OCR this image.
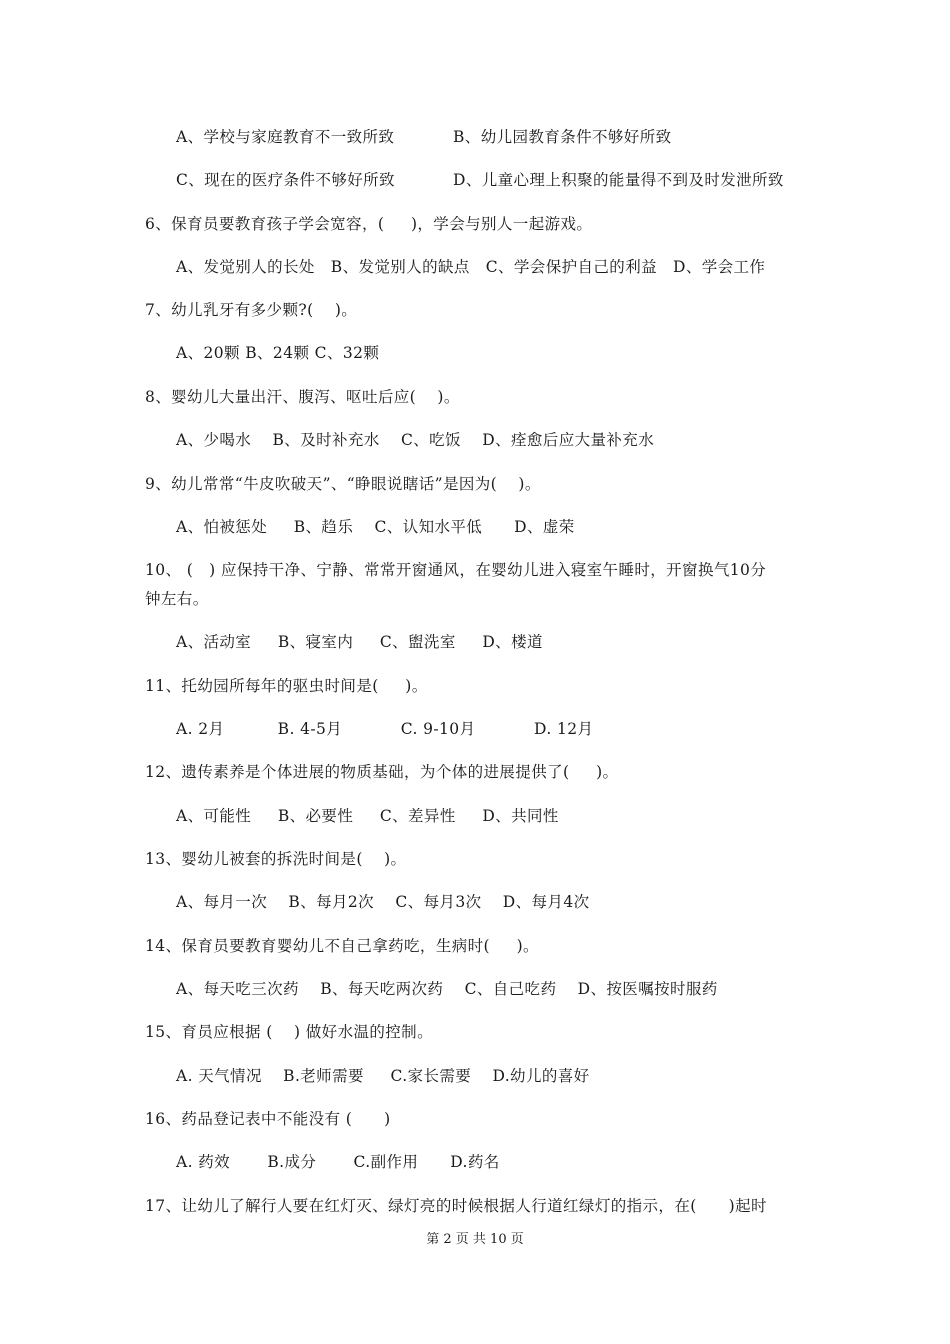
A、学校与家庭教育不一致所致	B、幼儿园教育条件不够好所致
C、现在的医疗条件不够好所致	D、儿童心理上积聚的能量得不到及时发泄所致
6、保育员要教育孩子学会宽容，(     )，学会与别人一起游戏。
A、发觉别人的长处   B、发觉别人的缺点   C、学会保护自己的利益   D、学会工作
7、幼儿乳牙有多少颗?(    )。
A、20颗 B、24颗 C、32颗
8、婴幼儿大量出汗、腹泻、呕吐后应(    )。
A、少喝水    B、及时补充水    C、吃饭    D、痊愈后应大量补充水
9、幼儿常常“牛皮吹破天”、“睁眼说瞎话”是因为(    )。
A、怕被惩处     B、趋乐    C、认知水平低      D、虚荣
10、 (   ) 应保持干净、宁静、常常开窗通风，在婴幼儿进入寝室午睡时，开窗换气10分
钟左右。
A、活动室     B、寝室内     C、盥洗室     D、楼道
11、托幼园所每年的驱虫时间是(     )。
A. 2月          B. 4-5月           C. 9-10月           D. 12月
12、遗传素养是个体进展的物质基础，为个体的进展提供了(     )。
A、可能性     B、必要性     C、差异性     D、共同性
13、婴幼儿被套的拆洗时间是(    )。
A、每月一次    B、每月2次    C、每月3次    D、每月4次
14、保育员要教育婴幼儿不自己拿药吃，生病时(     )。
A、每天吃三次药    B、每天吃两次药    C、自己吃药    D、按医嘱按时服药
15、育员应根据 (    ) 做好水温的控制。
A. 天气情况    B.老师需要     C.家长需要    D.幼儿的喜好
16、药品登记表中不能没有 (      )
A. 药效       B.成分       C.副作用      D.药名
17、让幼儿了解行人要在红灯灭、绿灯亮的时候根据人行道红绿灯的指示，在(      )起时
第 2 页 共 10 页
